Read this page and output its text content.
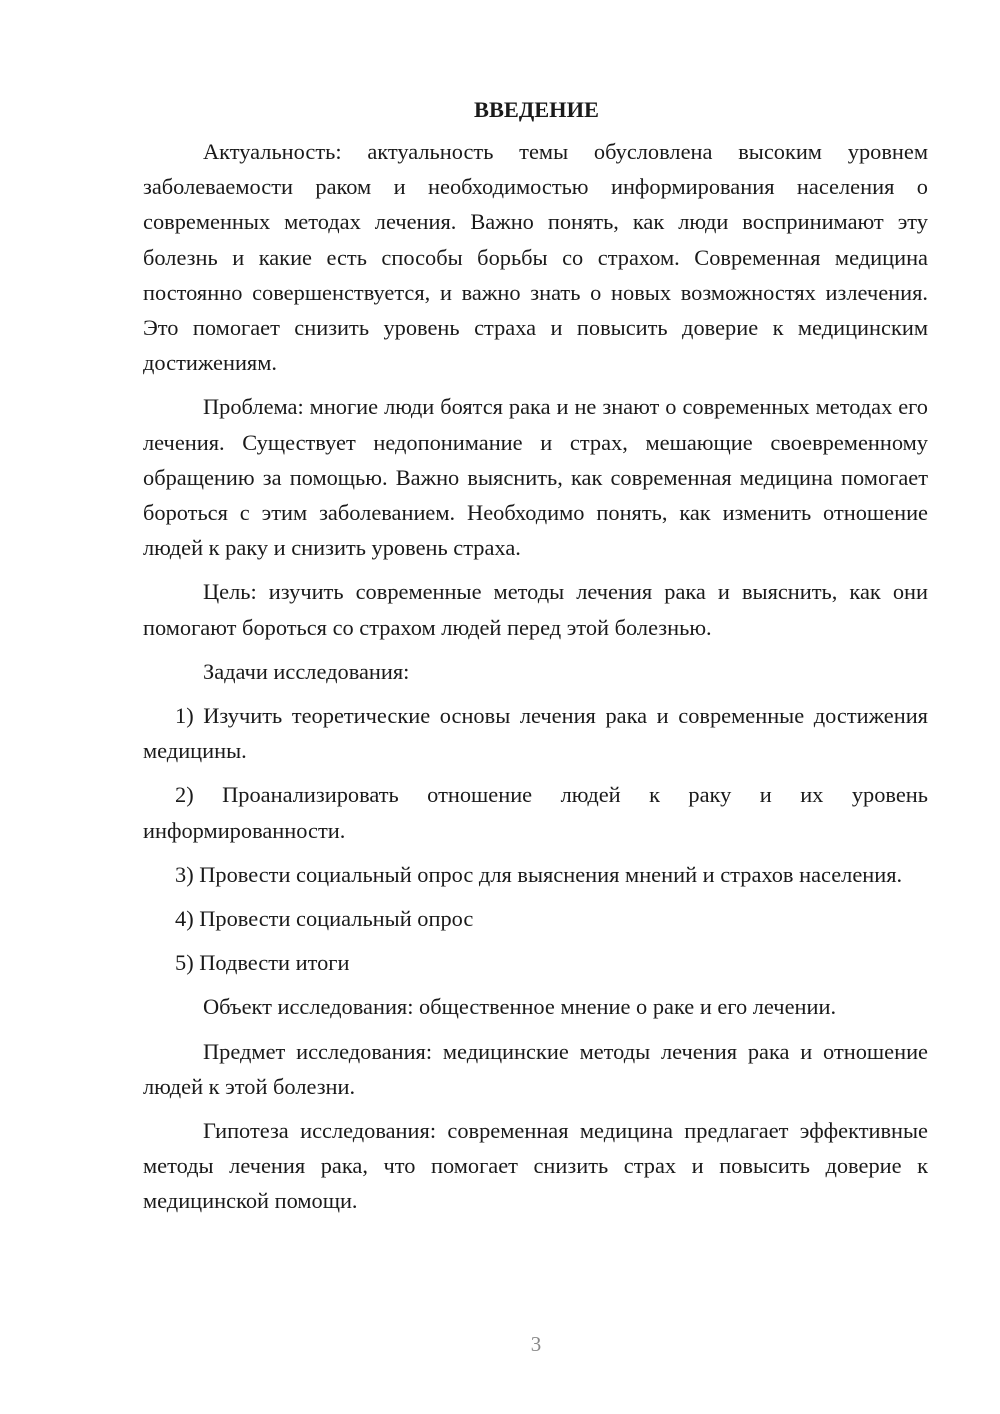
ВВЕДЕНИЕ

Актуальность: актуальность темы обусловлена высоким уровнем заболеваемости раком и необходимостью информирования населения о современных методах лечения. Важно понять, как люди воспринимают эту болезнь и какие есть способы борьбы со страхом. Современная медицина постоянно совершенствуется, и важно знать о новых возможностях излечения. Это помогает снизить уровень страха и повысить доверие к медицинским достижениям.

Проблема: многие люди боятся рака и не знают о современных методах его лечения. Существует недопонимание и страх, мешающие своевременному обращению за помощью. Важно выяснить, как современная медицина помогает бороться с этим заболеванием. Необходимо понять, как изменить отношение людей к раку и снизить уровень страха.

Цель: изучить современные методы лечения рака и выяснить, как они помогают бороться со страхом людей перед этой болезнью.

Задачи исследования:

1) Изучить теоретические основы лечения рака и современные достижения медицины.

2) Проанализировать отношение людей к раку и их уровень информированности.

3) Провести социальный опрос для выяснения мнений и страхов населения.

4) Провести социальный опрос

5) Подвести итоги

Объект исследования: общественное мнение о раке и его лечении.

Предмет исследования: медицинские методы лечения рака и отношение людей к этой болезни.

Гипотеза исследования: современная медицина предлагает эффективные методы лечения рака, что помогает снизить страх и повысить доверие к медицинской помощи.

3
